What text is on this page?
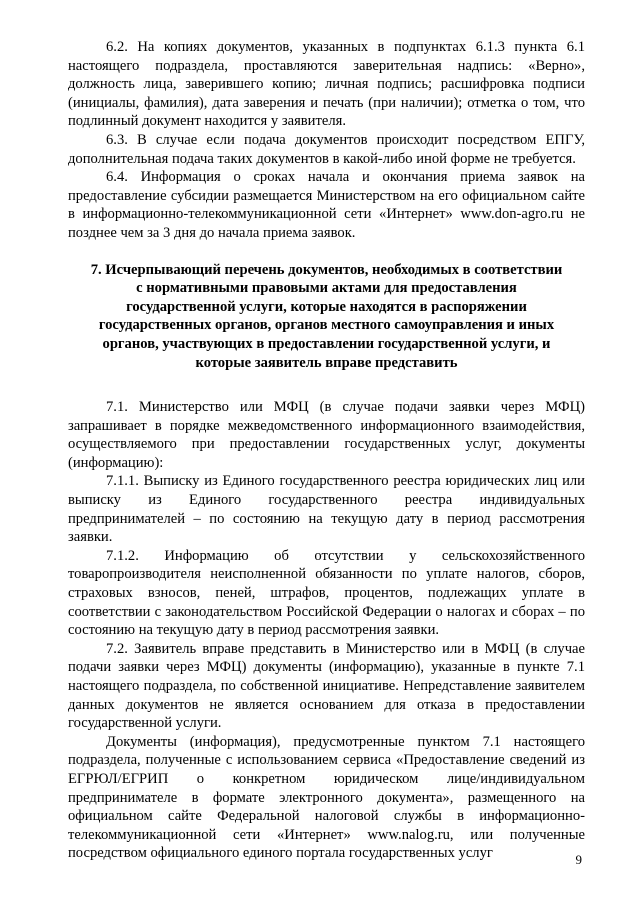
6.2. На копиях документов, указанных в подпунктах 6.1.3 пункта 6.1 настоящего подраздела, проставляются заверительная надпись: «Верно», должность лица, заверившего копию; личная подпись; расшифровка подписи (инициалы, фамилия), дата заверения и печать (при наличии); отметка о том, что подлинный документ находится у заявителя.

6.3. В случае если подача документов происходит посредством ЕПГУ, дополнительная подача таких документов в какой-либо иной форме не требуется.

6.4. Информация о сроках начала и окончания приема заявок на предоставление субсидии размещается Министерством на его официальном сайте в информационно-телекоммуникационной сети «Интернет» www.don-agro.ru не позднее чем за 3 дня до начала приема заявок.

7. Исчерпывающий перечень документов, необходимых в соответствии с нормативными правовыми актами для предоставления государственной услуги, которые находятся в распоряжении государственных органов, органов местного самоуправления и иных органов, участвующих в предоставлении государственной услуги, и которые заявитель вправе представить

7.1. Министерство или МФЦ (в случае подачи заявки через МФЦ) запрашивает в порядке межведомственного информационного взаимодействия, осуществляемого при предоставлении государственных услуг, документы (информацию):

7.1.1. Выписку из Единого государственного реестра юридических лиц или выписку из Единого государственного реестра индивидуальных предпринимателей – по состоянию на текущую дату в период рассмотрения заявки.

7.1.2. Информацию об отсутствии у сельскохозяйственного товаропроизводителя неисполненной обязанности по уплате налогов, сборов, страховых взносов, пеней, штрафов, процентов, подлежащих уплате в соответствии с законодательством Российской Федерации о налогах и сборах – по состоянию на текущую дату в период рассмотрения заявки.

7.2. Заявитель вправе представить в Министерство или в МФЦ (в случае подачи заявки через МФЦ) документы (информацию), указанные в пункте 7.1 настоящего подраздела, по собственной инициативе. Непредставление заявителем данных документов не является основанием для отказа в предоставлении государственной услуги.

Документы (информация), предусмотренные пунктом 7.1 настоящего подраздела, полученные с использованием сервиса «Предоставление сведений из ЕГРЮЛ/ЕГРИП о конкретном юридическом лице/индивидуальном предпринимателе в формате электронного документа», размещенного на официальном сайте Федеральной налоговой службы в информационно-телекоммуникационной сети «Интернет» www.nalog.ru, или полученные посредством официального единого портала государственных услуг	9
